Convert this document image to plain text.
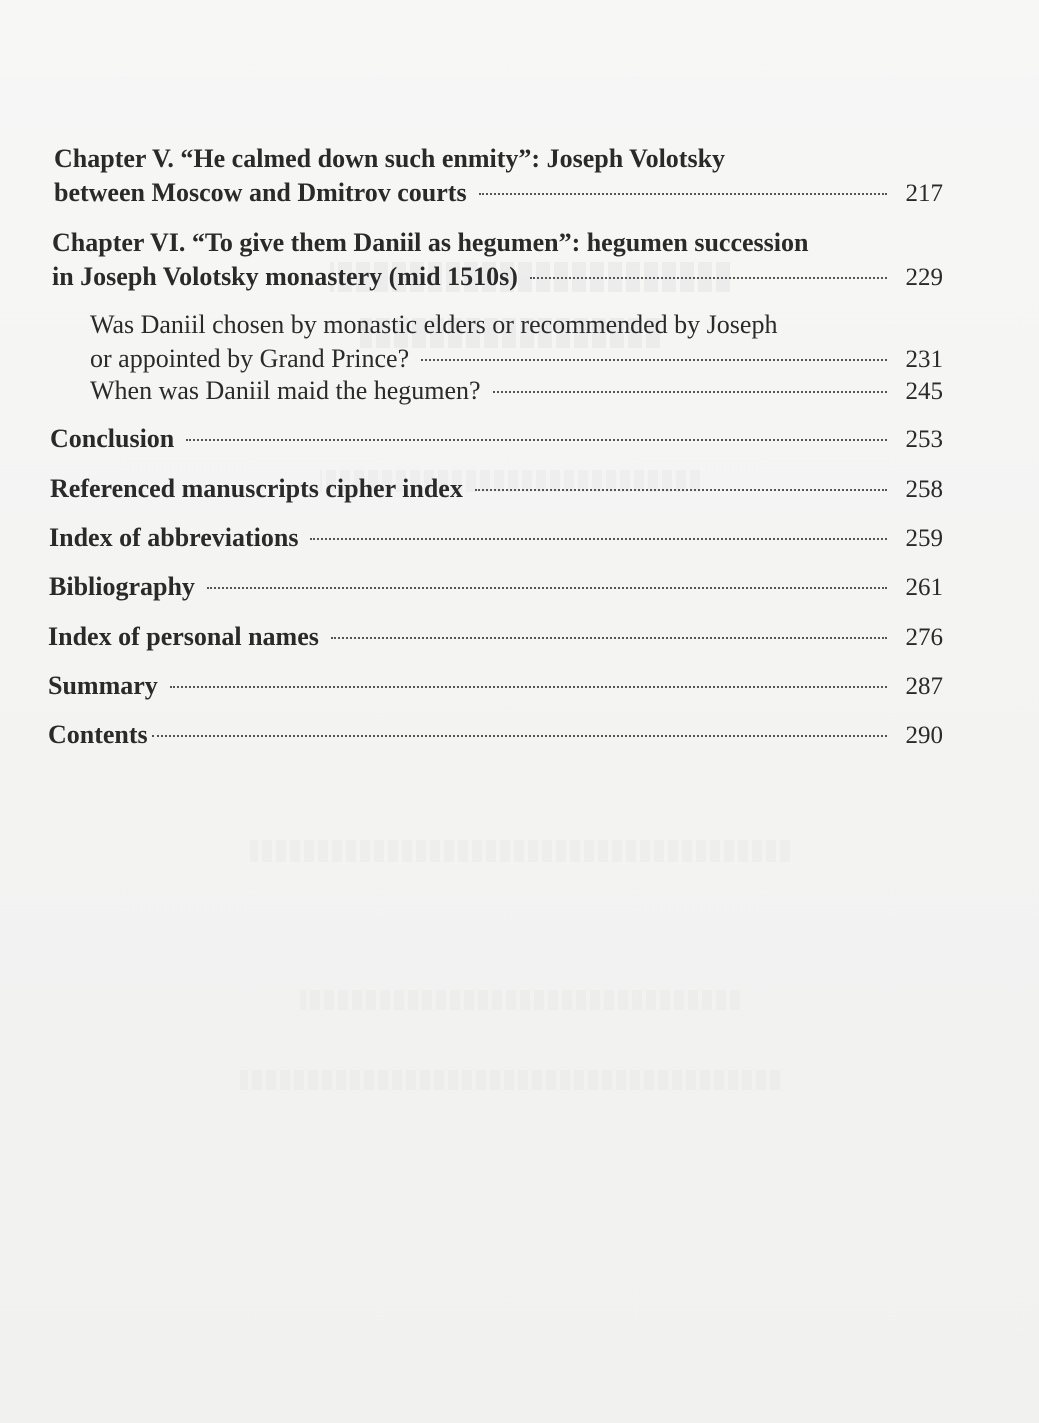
Chapter V. “He calmed down such enmity”: Joseph Volotsky
between Moscow and Dmitrov courts	217
Chapter VI. “To give them Daniil as hegumen”: hegumen succession
in Joseph Volotsky monastery (mid 1510s)	229
Was Daniil chosen by monastic elders or recommended by Joseph
or appointed by Grand Prince?	231
When was Daniil maid the hegumen?	245
Conclusion	253
Referenced manuscripts cipher index	258
Index of abbreviations	259
Bibliography	261
Index of personal names	276
Summary	287
Contents	290
